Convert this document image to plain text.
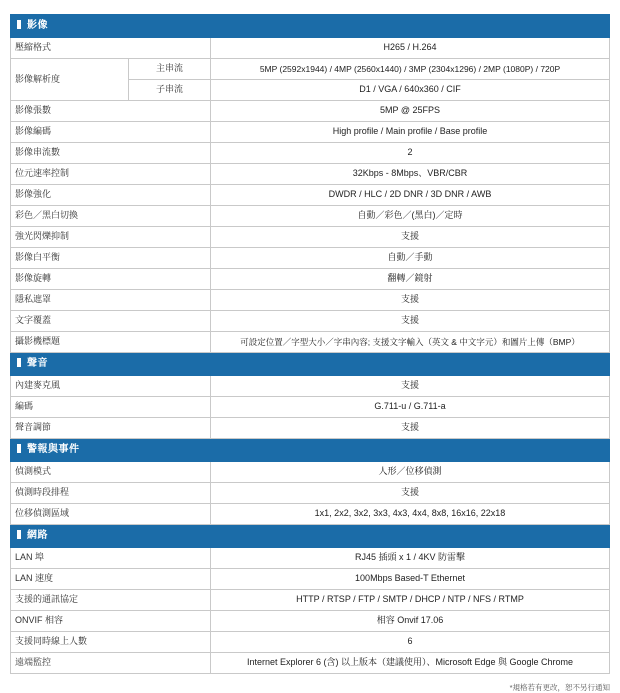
影像		
壓縮格式		H265 / H.264
影像解析度	主串流	5MP (2592x1944) / 4MP (2560x1440) / 3MP (2304x1296) / 2MP (1080P) / 720P
	子串流	D1 / VGA / 640x360 / CIF
影像張數		5MP @ 25FPS
影像編碼		High profile / Main profile / Base profile
影像串流數		2
位元速率控制		32Kbps - 8Mbps、VBR/CBR
影像強化		DWDR / HLC / 2D DNR / 3D DNR / AWB
彩色／黑白切換		自動／彩色／(黑白)／定時
強光閃爍抑制		支援
影像白平衡		自動／手動
影像旋轉		翻轉／鏡射
隱私遮罩		支援
文字覆蓋		支援
攝影機標題		可設定位置／字型大小／字串內容; 支援文字輸入（英文 & 中文字元）和圖片上傳（BMP）
聲音		
內建麥克風		支援
編碼		G.711-u / G.711-a
聲音調節		支援
警報與事件		
偵測模式		人形／位移偵測
偵測時段排程		支援
位移偵測區域		1x1, 2x2, 3x2, 3x3, 4x3, 4x4, 8x8, 16x16, 22x18
網路		
LAN 埠		RJ45 插頭 x 1 / 4KV 防雷擊
LAN 速度		100Mbps Based-T Ethernet
支援的通訊協定		HTTP / RTSP / FTP / SMTP / DHCP / NTP / NFS / RTMP
ONVIF 相容		相容 Onvif 17.06
支援同時線上人數		6
遠端監控		Internet Explorer 6 (含) 以上版本（建議使用）、Microsoft Edge 與 Google Chrome
*規格若有更改，恕不另行通知
